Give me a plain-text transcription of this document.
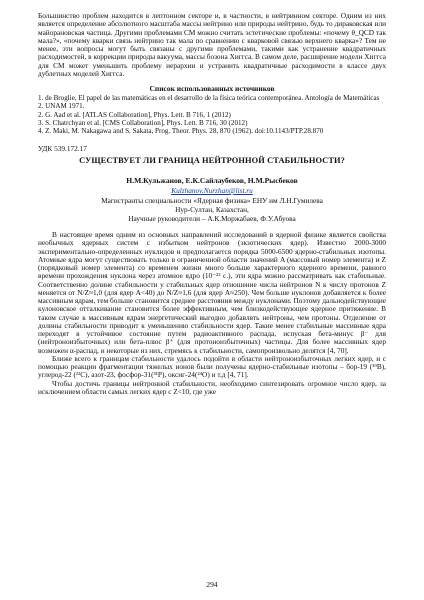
Большинство проблем находится в лептонном секторе и, в частности, в нейтринном секторе. Одним из них является определение абсолютного масштаба массы нейтрино или природы нейтрино, будь то дираковская или майорановская частица. Другими проблемами СМ можно считать эстетические проблемы: «почему θ_QCD так мала?», «почему кварки связь нейтрино так мала по сравнению с кварковой связью верхнего кварка»? Тем не менее, эти вопросы могут быть связаны с другими проблемами, такими как устранение квадратичных расходимостей, в коррекции природы вакуума, массы бозона Хиггса. В самом деле, расширение модели Хиггса для СМ может уменьшить проблему иерархии и устранить квадратичные расходимости в классе двух дублетных моделей Хиггса.

Список использованных источников

1. de Broglie, El papel de las matemáticas en el desarrollo de la física teórica contemporánea. Antología de Matemáticas 2. UNAM 1971.

2. G. Aad et al. [ATLAS Collaboration], Phys. Lett. B 716, 1 (2012)

3. S. Chatrchyan et al. [CMS Collaboration], Phys. Lett. B 716, 30 (2012)

4. Z. Maki, M. Nakagawa and S. Sakata, Prog. Theor. Phys. 28, 870 (1962). doi:10.1143/PTP.28.870

УДК 539.172.17
СУЩЕСТВУЕТ ЛИ ГРАНИЦА НЕЙТРОННОЙ СТАБИЛЬНОСТИ?
Н.М.Кульжанов, Е.К.Сайлаубеков, Н.М.Рысбеков
Kulzhanov.Nurzhan@list.ru
Магистранты специальности «Ядерная физика» ЕНУ им Л.Н.Гумилева
Нур-Султан, Казахстан,
Научные руководители – А.К.Моржабаев, Ф.У.Абуова

В настоящее время одним из основных направлений исследований в ядерной физике является свойства необычных ядерных систем с избытком нейтронов (экзотических ядер). Известно 2000-3000 экспериментально-определенных нуклидов и предполагается порядка 5000-6500 ядерно-стабильных изотопы. Атомные ядра могут существовать только в ограниченной области значений A (массовый номер элемента) и Z (порядковый номер элемента) со временем жизни много больше характерного ядерного времени, равного времени прохождения нуклона через атомное ядро (10⁻²² с.), эти ядра можно рассматривать как стабильные. Соответственно долине стабильности у стабильных ядер отношение числа нейтронов N к числу протонов Z меняется от N/Z≈1,0 (для ядер A<40) до N/Z≈1,6 (для ядер A≈250). Чем больше нуклонов добавляется к более массивным ядрам, тем больше становится среднее расстояния между нуклонами. Поэтому дальнодействующие кулоновское отталкивание становится более эффективным, чем близкодействующее ядерное притяжение. В таком случае к массивным ядрам энергетический выгодно добавлять нейтроны, чем протоны. Отделение от долины стабильности приводит к уменьшению стабильности ядер. Такие менее стабильные массивные ядра переходят в устойчивое состояние путем радиоактивного распада, испуская бета-минус β⁻ для (нейтроноизбыточных) или бета-плюс β⁺ (для протоноизбыточных) частицы. Для более массивных ядер возможен α-распад, и некоторые из них, стремясь к стабильности, самопроизвольно делятся [4, 70].

Ближе всего к границам стабильности удалось подойти в области нейтроноизбыточных легких ядер, и с помощью реакции фрагментации тяжелых ионов были получены ядерно-стабильные изотопы – бор-19 (¹⁹B), углерод-22 (²²C), азот-23, фосфор-31(³¹P), оксиг-24(²⁴O) и т.д [4, 71].

Чтобы достичь границы нейтронной стабильности, необходимо синтезировать огромное число ядер, за исключением области самых легких ядер с Z<10, где уже

294
